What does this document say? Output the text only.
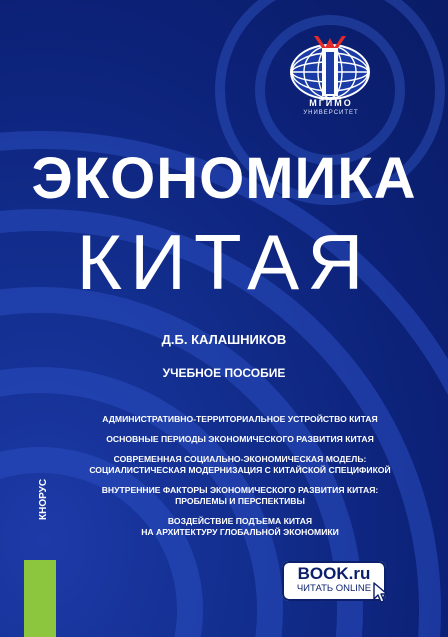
МГИМО
УНИВЕРСИТЕТ
ЭКОНОМИКА
КИТАЯ
Д.Б. КАЛАШНИКОВ
УЧЕБНОЕ ПОСОБИЕ
АДМИНИСТРАТИВНО-ТЕРРИТОРИАЛЬНОЕ УСТРОЙСТВО КИТАЯ
ОСНОВНЫЕ ПЕРИОДЫ ЭКОНОМИЧЕСКОГО РАЗВИТИЯ КИТАЯ
СОВРЕМЕННАЯ СОЦИАЛЬНО-ЭКОНОМИЧЕСКАЯ МОДЕЛЬ:
СОЦИАЛИСТИЧЕСКАЯ МОДЕРНИЗАЦИЯ С КИТАЙСКОЙ СПЕЦИФИКОЙ
ВНУТРЕННИЕ ФАКТОРЫ ЭКОНОМИЧЕСКОГО РАЗВИТИЯ КИТАЯ:
ПРОБЛЕМЫ И ПЕРСПЕКТИВЫ
ВОЗДЕЙСТВИЕ ПОДЪЕМА КИТАЯ
НА АРХИТЕКТУРУ ГЛОБАЛЬНОЙ ЭКОНОМИКИ
КНОРУС
BOOK.ru
ЧИТАТЬ ONLINE
